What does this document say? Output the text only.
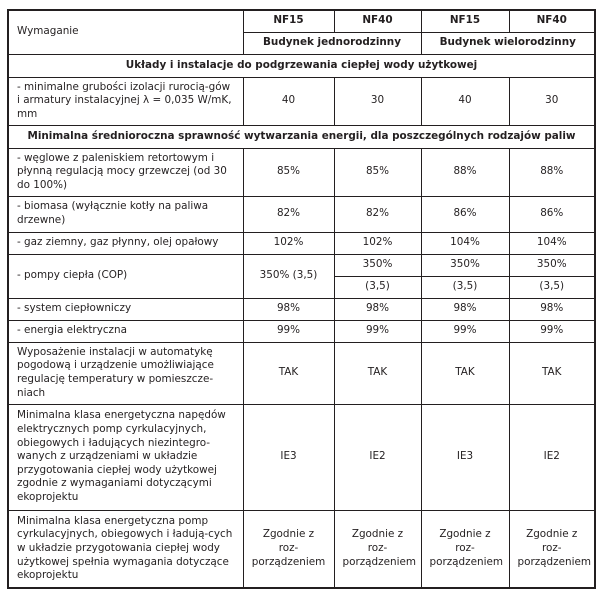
Wymaganie	NF15	NF40	NF15	NF40
	Budynek jednorodzinny		Budynek wielorodzinny	
Układy i instalacje do podgrzewania ciepłej wody użytkowej				
- minimalne grubości izolacji rurocią-gów i armatury instalacyjnej λ = 0,035 W/mK, mm	40	30	40	30
Minimalna średnioroczna sprawność wytwarzania energii, dla poszczególnych rodzajów paliw				
- węglowe z paleniskiem retortowym i płynną regulacją mocy grzewczej (od 30 do 100%)	85%	85%	88%	88%
- biomasa (wyłącznie kotły na paliwa drzewne)	82%	82%	86%	86%
- gaz ziemny, gaz płynny, olej opałowy	102%	102%	104%	104%
- pompy ciepła (COP)	350% (3,5)	350%	350%	350%
		(3,5)	(3,5)	(3,5)
- system ciepłowniczy	98%	98%	98%	98%
- energia elektryczna	99%	99%	99%	99%
Wyposażenie instalacji w automatykę pogodową i urządzenie umożliwiające regulację temperatury w pomieszcze-niach	TAK	TAK	TAK	TAK
Minimalna klasa energetyczna napędów elektrycznych pomp cyrkulacyjnych, obiegowych i ładujących niezintegro-wanych z urządzeniami w układzie przygotowania ciepłej wody użytkowej zgodnie z wymaganiami dotyczącymi ekoprojektu	IE3	IE2	IE3	IE2
Minimalna klasa energetyczna pomp cyrkulacyjnych, obiegowych i ładują-cych w układzie przygotowania ciepłej wody użytkowej spełnia wymagania dotyczące ekoprojektu	Zgodnie z roz-porządzeniem	Zgodnie z roz-porządzeniem	Zgodnie z roz-porządzeniem	Zgodnie z roz-porządzeniem
